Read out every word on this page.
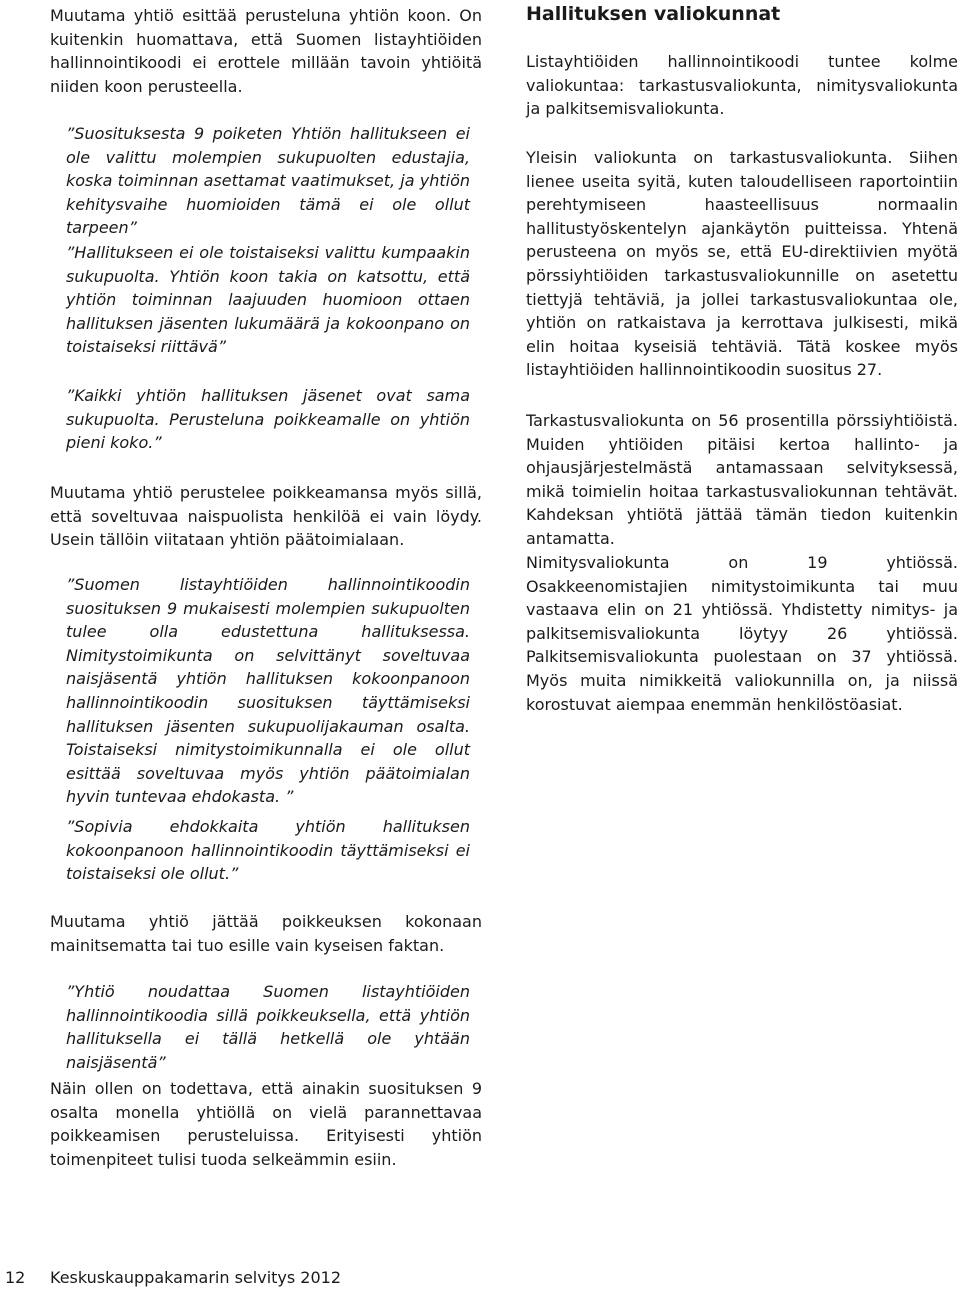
Muutama yhtiö esittää perusteluna yhtiön koon. On kuitenkin huomattava, että Suomen listayhtiöiden hallinnointikoodi ei erottele millään tavoin yhtiöitä niiden koon perusteella.

”Suosituksesta 9 poiketen Yhtiön hallitukseen ei ole valittu molempien sukupuolten edustajia, koska toiminnan asettamat vaatimukset, ja yhtiön kehitysvaihe huomioiden tämä ei ole ollut tarpeen”

”Hallitukseen ei ole toistaiseksi valittu kumpaakin sukupuolta. Yhtiön koon takia on katsottu, että yhtiön toiminnan laajuuden huomioon ottaen hallituksen jäsenten lukumäärä ja kokoonpano on toistaiseksi riittävä”

”Kaikki yhtiön hallituksen jäsenet ovat sama sukupuolta. Perusteluna poikkeamalle on yhtiön pieni koko.”

Muutama yhtiö perustelee poikkeamansa myös sillä, että soveltuvaa naispuolista henkilöä ei vain löydy. Usein tällöin viitataan yhtiön päätoimialaan.

”Suomen listayhtiöiden hallinnointikoodin suosituksen 9 mukaisesti molempien sukupuolten tulee olla edustettuna hallituksessa. Nimitystoimikunta on selvittänyt soveltuvaa naisjäsentä yhtiön hallituksen kokoonpanoon hallinnointikoodin suosituksen täyttämiseksi hallituksen jäsenten sukupuolijakauman osalta. Toistaiseksi nimitystoimikunnalla ei ole ollut esittää soveltuvaa myös yhtiön päätoimialan hyvin tuntevaa ehdokasta. ”

”Sopivia ehdokkaita yhtiön hallituksen kokoonpanoon hallinnointikoodin täyttämiseksi ei toistaiseksi ole ollut.”

Muutama yhtiö jättää poikkeuksen kokonaan mainitsematta tai tuo esille vain kyseisen faktan.

”Yhtiö noudattaa Suomen listayhtiöiden hallinnointikoodia sillä poikkeuksella, että yhtiön hallituksella ei tällä hetkellä ole yhtään naisjäsentä”

Näin ollen on todettava, että ainakin suosituksen 9 osalta monella yhtiöllä on vielä parannettavaa poikkeamisen perusteluissa. Erityisesti yhtiön toimenpiteet tulisi tuoda selkeämmin esiin.

Hallituksen valiokunnat

Listayhtiöiden hallinnointikoodi tuntee kolme valiokuntaa: tarkastusvaliokunta, nimitysvaliokunta ja palkitsemisvaliokunta.

Yleisin valiokunta on tarkastusvaliokunta. Siihen lienee useita syitä, kuten taloudelliseen raportointiin perehtymiseen haasteellisuus normaalin hallitustyöskentelyn ajankäytön puitteissa. Yhtenä perusteena on myös se, että EU-direktiivien myötä pörssiyhtiöiden tarkastusvaliokunnille on asetettu tiettyjä tehtäviä, ja jollei tarkastusvaliokuntaa ole, yhtiön on ratkaistava ja kerrottava julkisesti, mikä elin hoitaa kyseisiä tehtäviä. Tätä koskee myös listayhtiöiden hallinnointikoodin suositus 27.

Tarkastusvaliokunta on 56 prosentilla pörssiyhtiöistä. Muiden yhtiöiden pitäisi kertoa hallinto- ja ohjausjärjestelmästä antamassaan selvityksessä, mikä toimielin hoitaa tarkastusvaliokunnan tehtävät. Kahdeksan yhtiötä jättää tämän tiedon kuitenkin antamatta.

Nimitysvaliokunta on 19 yhtiössä. Osakkeenomistajien nimitystoimikunta tai muu vastaava elin on 21 yhtiössä. Yhdistetty nimitys- ja palkitsemisvaliokunta löytyy 26 yhtiössä. Palkitsemisvaliokunta puolestaan on 37 yhtiössä. Myös muita nimikkeitä valiokunnilla on, ja niissä korostuvat aiempaa enemmän henkilöstöasiat.

12 Keskuskauppakamarin selvitys 2012
